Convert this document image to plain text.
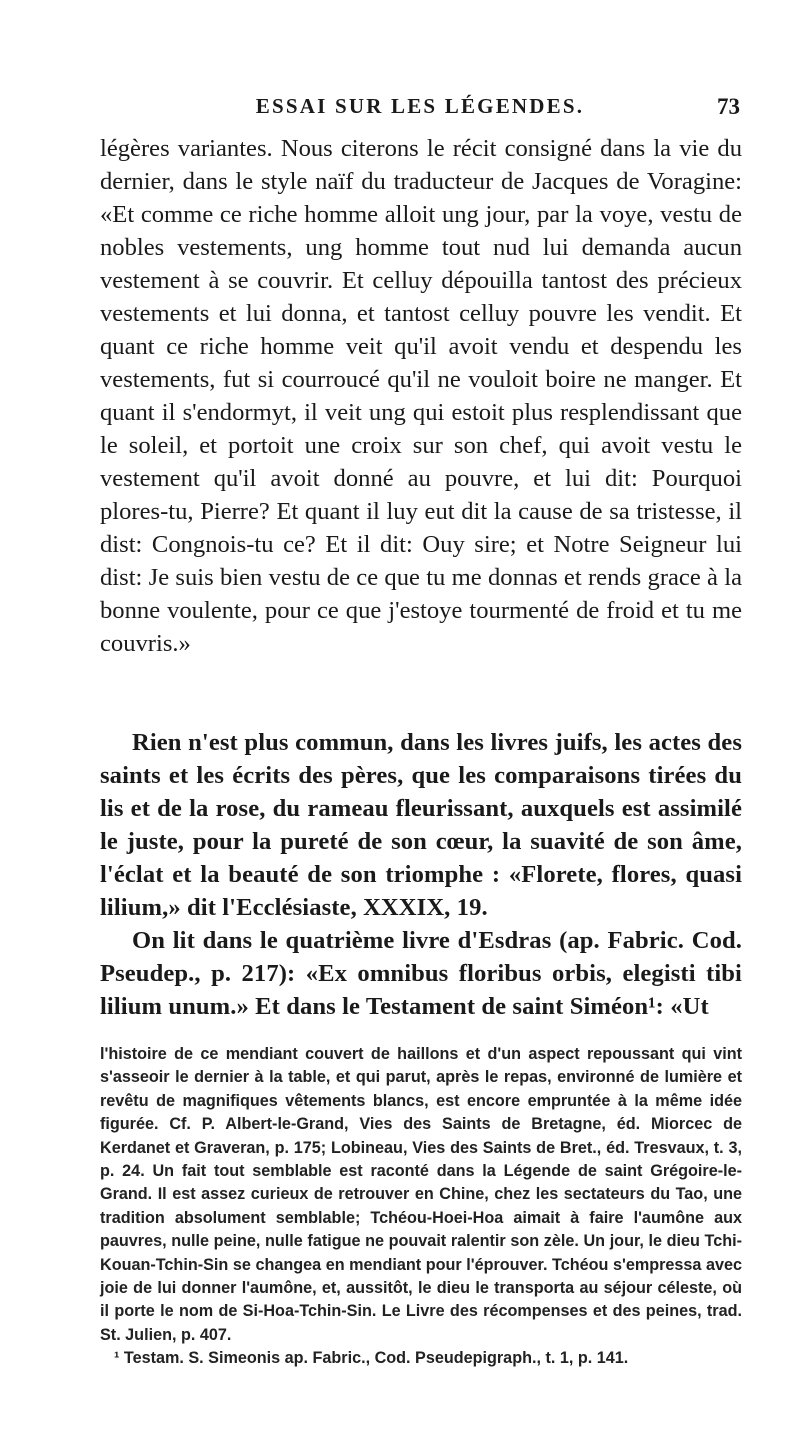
ESSAI SUR LES LÉGENDES.	73

légères variantes. Nous citerons le récit consigné dans la vie du dernier, dans le style naïf du traducteur de Jacques de Voragine: «Et comme ce riche homme alloit ung jour, par la voye, vestu de nobles vestements, ung homme tout nud lui demanda aucun vestement à se couvrir. Et celluy dépouilla tantost des précieux vestements et lui donna, et tantost celluy pouvre les vendit. Et quant ce riche homme veit qu'il avoit vendu et despendu les vestements, fut si courroucé qu'il ne vouloit boire ne manger. Et quant il s'endormyt, il veit ung qui estoit plus resplendissant que le soleil, et portoit une croix sur son chef, qui avoit vestu le vestement qu'il avoit donné au pouvre, et lui dit: Pourquoi plores-tu, Pierre? Et quant il luy eut dit la cause de sa tristesse, il dist: Congnois-tu ce? Et il dit: Ouy sire; et Notre Seigneur lui dist: Je suis bien vestu de ce que tu me donnas et rends grace à la bonne voulente, pour ce que j'estoye tourmenté de froid et tu me couvris.»

Rien n'est plus commun, dans les livres juifs, les actes des saints et les écrits des pères, que les comparaisons tirées du lis et de la rose, du rameau fleurissant, auxquels est assimilé le juste, pour la pureté de son cœur, la suavité de son âme, l'éclat et la beauté de son triomphe : «Florete, flores, quasi lilium,» dit l'Ecclésiaste, XXXIX, 19.

On lit dans le quatrième livre d'Esdras (ap. Fabric. Cod. Pseudep., p. 217): «Ex omnibus floribus orbis, elegisti tibi lilium unum.» Et dans le Testament de saint Siméon¹: «Ut

l'histoire de ce mendiant couvert de haillons et d'un aspect repoussant qui vint s'asseoir le dernier à la table, et qui parut, après le repas, environné de lumière et revêtu de magnifiques vêtements blancs, est encore empruntée à la même idée figurée. Cf. P. Albert-le-Grand, Vies des Saints de Bretagne, éd. Miorcec de Kerdanet et Graveran, p. 175; Lobineau, Vies des Saints de Bret., éd. Tresvaux, t. 3, p. 24. Un fait tout semblable est raconté dans la Légende de saint Grégoire-le-Grand. Il est assez curieux de retrouver en Chine, chez les sectateurs du Tao, une tradition absolument semblable; Tchéou-Hoei-Hoa aimait à faire l'aumône aux pauvres, nulle peine, nulle fatigue ne pouvait ralentir son zèle. Un jour, le dieu Tchi-Kouan-Tchin-Sin se changea en mendiant pour l'éprouver. Tchéou s'empressa avec joie de lui donner l'aumône, et, aussitôt, le dieu le transporta au séjour céleste, où il porte le nom de Si-Hoa-Tchin-Sin. Le Livre des récompenses et des peines, trad. St. Julien, p. 407.

¹ Testam. S. Simeonis ap. Fabric., Cod. Pseudepigraph., t. 1, p. 141.
